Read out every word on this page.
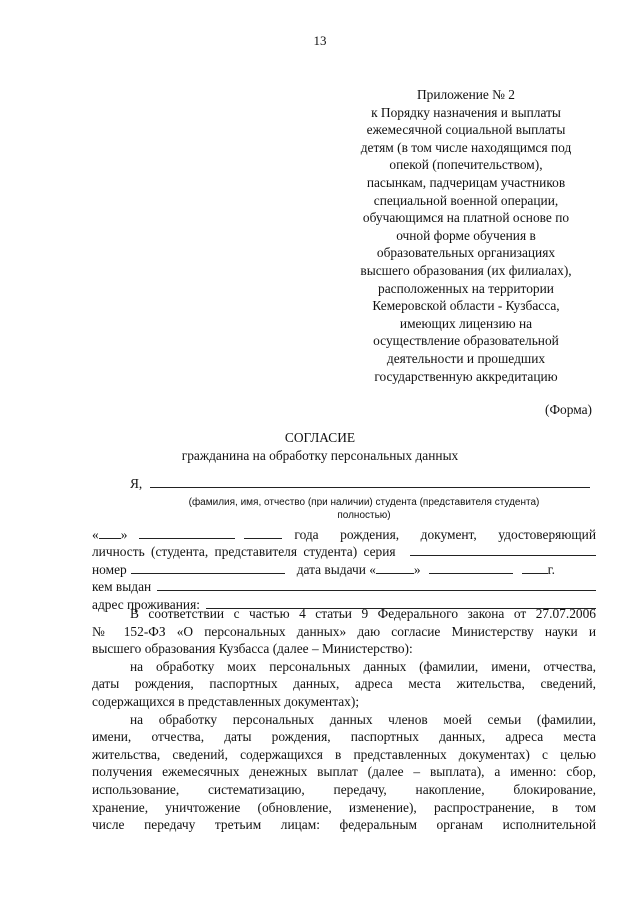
13
Приложение № 2
к Порядку назначения и выплаты
ежемесячной социальной выплаты
детям (в том числе находящимся под
опекой (попечительством),
пасынкам, падчерицам участников
специальной военной операции,
обучающимся на платной основе по
очной форме обучения в
образовательных организациях
высшего образования (их филиалах),
расположенных на территории
Кемеровской области - Кузбасса,
имеющих лицензию на
осуществление образовательной
деятельности и прошедших
государственную аккредитацию
(Форма)
СОГЛАСИЕ
гражданина на обработку персональных данных
Я,
(фамилия, имя, отчество (при наличии) студента (представителя студента)
полностью)
« »	года рождения, документ, удостоверяющий
личность (студента, представителя студента) серия
номер	дата выдачи «	»	г.
кем выдан
адрес проживания:

В соответствии с частью 4 статьи 9 Федерального закона от 27.07.2006

№ 152-ФЗ «О персональных данных» даю согласие Министерству науки и

высшего образования Кузбасса (далее – Министерство):

на обработку моих персональных данных (фамилии, имени, отчества,

даты рождения, паспортных данных, адреса места жительства, сведений,

содержащихся в представленных документах);

на обработку персональных данных членов моей семьи (фамилии,

имени, отчества, даты рождения, паспортных данных, адреса места

жительства, сведений, содержащихся в представленных документах) с целью

получения ежемесячных денежных выплат (далее – выплата), а именно: сбор,

использование, систематизацию, передачу, накопление, блокирование,

хранение, уничтожение (обновление, изменение), распространение, в том

числе передачу третьим лицам: федеральным органам исполнительной
